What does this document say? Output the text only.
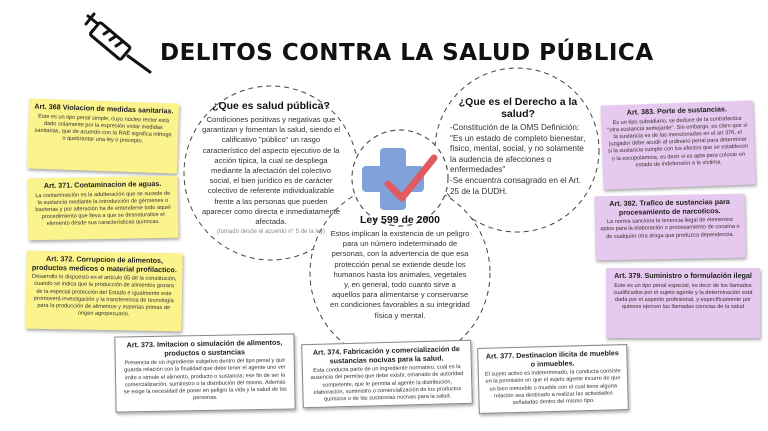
DELITOS CONTRA LA SALUD PÚBLICA
¿Que es salud pública?
Condiciones positivas y negativas que garantizan y fomentan la salud, siendo el calificativo "público" un rasgo característico del aspecto ejecutivo de la acción típica, la cual se despliega mediante la afectación del colectivo social, el bien jurídico es de carácter colectivo de referente individualizable frente a las personas que pueden aparecer como directa e inmediatamente afectada.
(tomado desde el acuerdo n° 5 de la ley)
¿Que es el Derecho a la salud?
-Constitución de la OMS Definición: "Es un estado de completo bienestar, físico, mental, social, y no solamente la audencia de afecciones o enfermedades"
-Se encuentra consagrado en el Art. 25 de la DUDH.
Ley 599 de 2000
Estos implican la existencia de un peligro para un número indeterminado de personas, con la advertencia de que esa protección penal se extiende desde los humanos hasta los animales, vegetales y, en general, todo cuanto sirve a aquellos para alimentarse y conservarse en condiciones favorables a su integridad física y mental.
Art. 368 Violacion de medidas sanitarias.
Este es un tipo penal simple, cuyo núcleo rector está dado solamente por la expresión violar medidas sanitarias, que de acuerdo con la RAE significa infringir o quebrantar una ley o precepto.
Art. 371. Contaminacion de aguas.
La contaminación es la adulteración que se sucede de la sustancia mediante la introducción de gérmenes o bacterias y por alteración ha de entenderse todo aquel procedimiento que lleva a que se desnaturalice el elemento desde sus características químicas.
Art. 372. Corrupcion de alimentos, productos medicos o material profilactico.
Desarrollo lo dispuesto en el artículo 65 de la constitución, cuando se indica que la producción de alimentos gozara de la especial protección del Estado e igualmente este promoverá investigación y la transferencia de tecnología para la producción de alimentos y materias primas de origen agropecuario.
Art. 373. Imitacion o simulación de alimentos, productos o sustancias
Presencia de un ingrediente subjetivo dentro del tipo penal y que guarda relación con la finalidad que debe tener el agente uno ver imite o simule el alimento, producto o sustancia; ese fin de ser la comercialización, suministro o la distribución del mismo. Además se exige la necesidad de poner en peligro la vida y la salud de las personas.
Art. 374. Fabricación y comercialización de sustancias nocivas para la salud.
Esta conducta parte de un ingrediente normativo, cual es la ausencia del permiso que debe existir, emanado de autoridad competente, que le permita al agente la distribución, elaboración, suministro o comercialización de los productos químicos o de las sustancias nocivas para la salud.
Art. 377. Destinacion ilicita de muebles o inmuebles.
El sujeto activo es indeterminado, la conducta consiste en la permisión en que el sujeto agente incurre de que un bien inmueble o mueble con el cual tiene alguna relación sea destinado a realizar las actividades señaladas dentro del mismo tipo.
Art. 383. Porte de sustancias.
Es un tipo subsidiario, se deduce de la contrafactica "otra sustancia semejante". Sin embargo, es claro que si la sustancia es de las mencionadas en el art 376, el juzgador debe acudir al ordinario penal para determinar si la sustancia cumple con los efectos que se establecen o la escopolamina, es decir si es apta para colocar en estado de indefensión a la víctima.
Art. 382. Trafico de sustancias para procesamiento de narcoticos.
La norma sanciona la tenencia ilegal de elementos aptos para la elaboración o procesamiento de cocaína o de cualquier otra droga que produzca dependencia.
Art. 379. Suministro o formulación ilegal
Este es un tipo penal especial, es decir de los llamados cualificados por el sujeto agente y la determinación está dada por el aspecto profesional, y específicamente por quienes ejercen las llamadas ciencias de la salud
